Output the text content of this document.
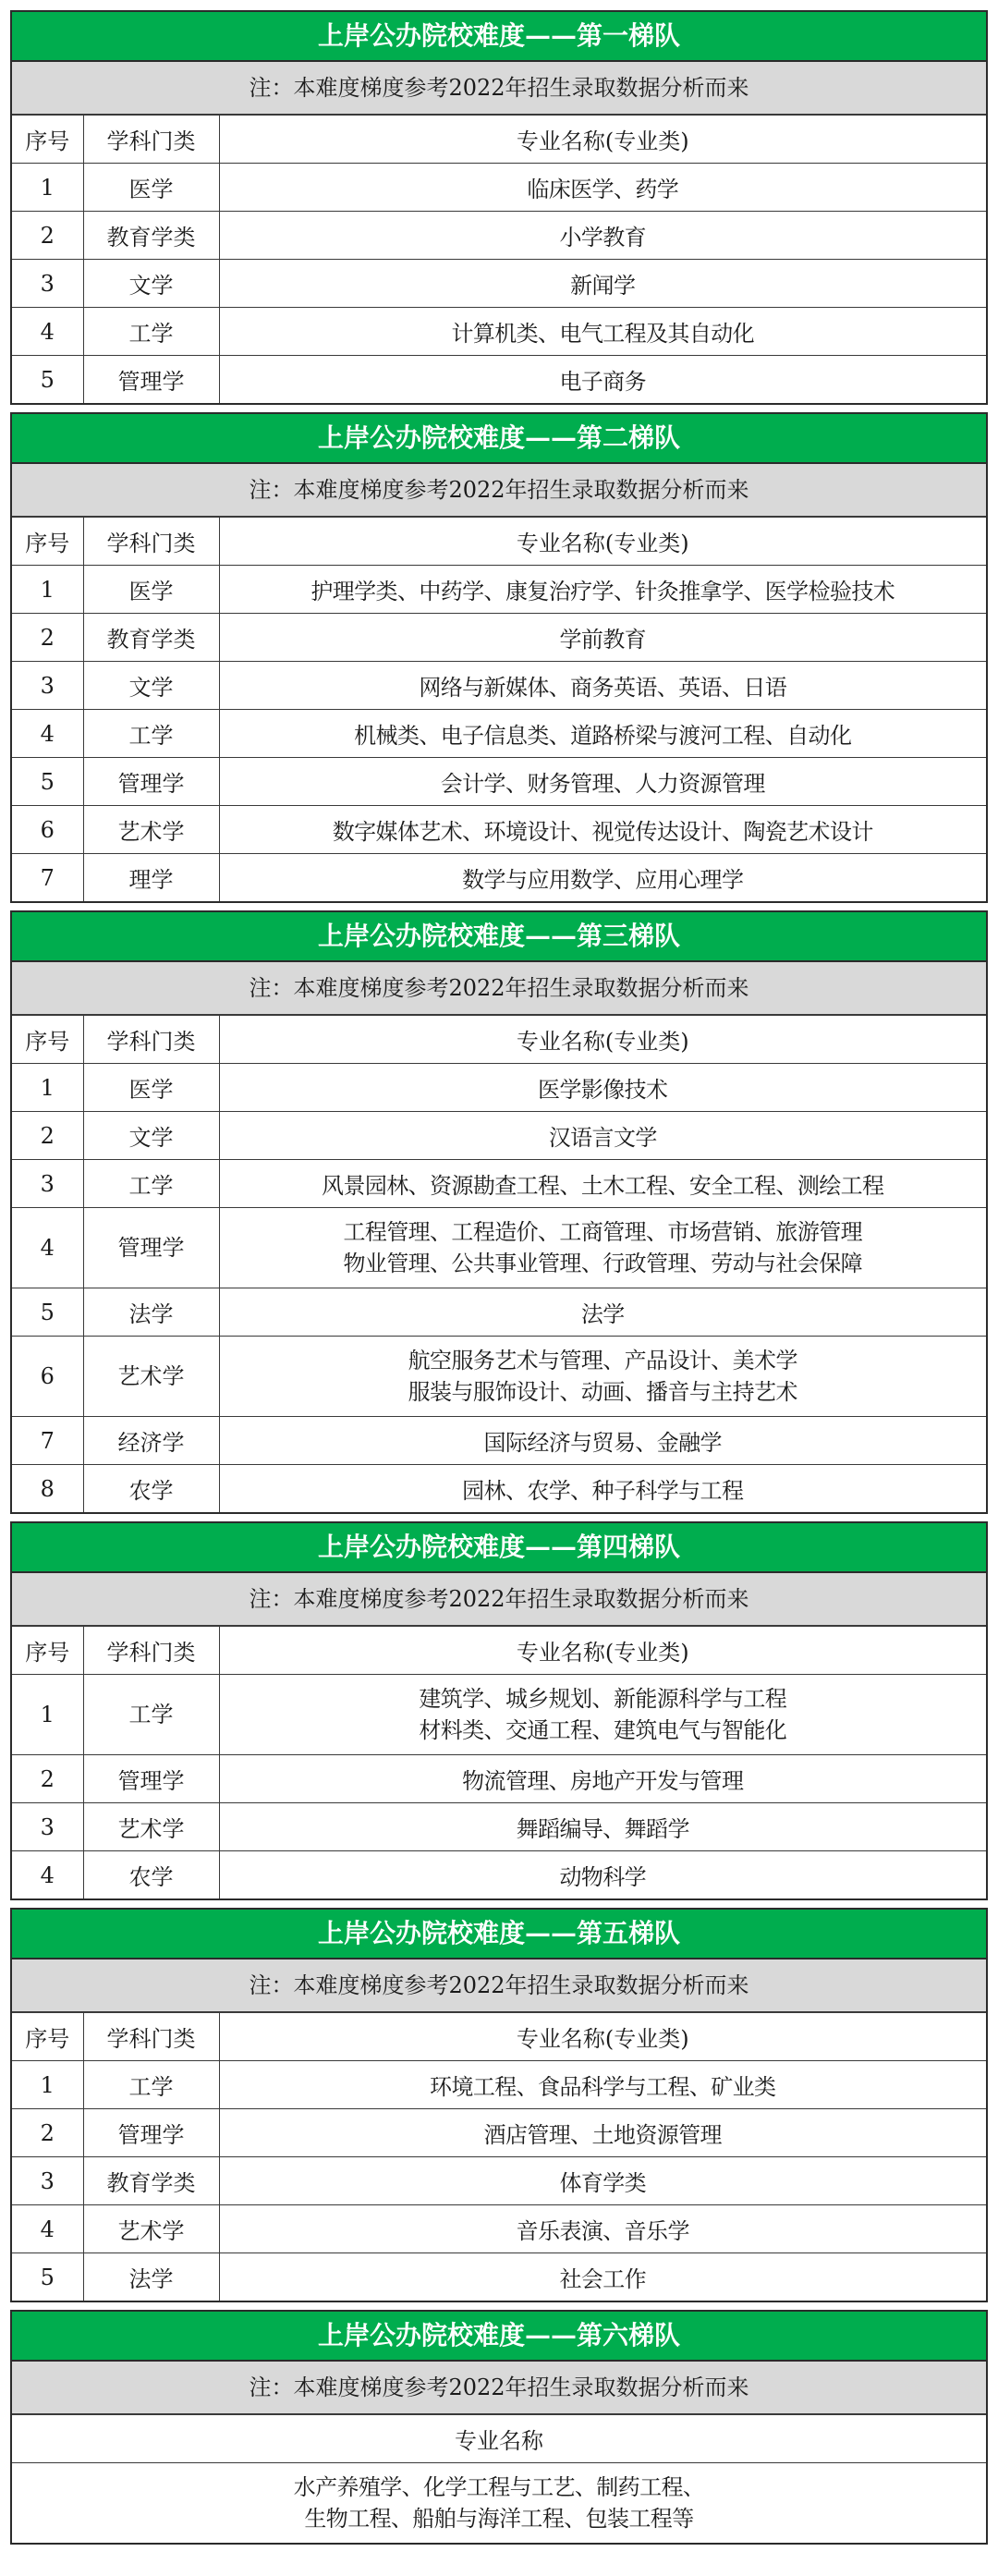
上岸公办院校难度——第一梯队
注：本难度梯度参考2022年招生录取数据分析而来
序号	学科门类	专业名称(专业类)
1	医学	临床医学、药学

2	教育学类	小学教育

3	文学	新闻学

4	工学	计算机类、电气工程及其自动化

5	管理学	电子商务
上岸公办院校难度——第二梯队
注：本难度梯度参考2022年招生录取数据分析而来
序号	学科门类	专业名称(专业类)
1	医学	护理学类、中药学、康复治疗学、针灸推拿学、医学检验技术

2	教育学类	学前教育

3	文学	网络与新媒体、商务英语、英语、日语

4	工学	机械类、电子信息类、道路桥梁与渡河工程、自动化

5	管理学	会计学、财务管理、人力资源管理

6	艺术学	数字媒体艺术、环境设计、视觉传达设计、陶瓷艺术设计

7	理学	数学与应用数学、应用心理学
上岸公办院校难度——第三梯队
注：本难度梯度参考2022年招生录取数据分析而来
序号	学科门类	专业名称(专业类)
1	医学	医学影像技术

2	文学	汉语言文学

3	工学	风景园林、资源勘查工程、土木工程、安全工程、测绘工程

4	管理学	工程管理、工程造价、工商管理、市场营销、旅游管理
物业管理、公共事业管理、行政管理、劳动与社会保障

5	法学	法学

6	艺术学	航空服务艺术与管理、产品设计、美术学
服装与服饰设计、动画、播音与主持艺术

7	经济学	国际经济与贸易、金融学

8	农学	园林、农学、种子科学与工程
上岸公办院校难度——第四梯队
注：本难度梯度参考2022年招生录取数据分析而来
序号	学科门类	专业名称(专业类)
1	工学	建筑学、城乡规划、新能源科学与工程
材料类、交通工程、建筑电气与智能化

2	管理学	物流管理、房地产开发与管理

3	艺术学	舞蹈编导、舞蹈学

4	农学	动物科学
上岸公办院校难度——第五梯队
注：本难度梯度参考2022年招生录取数据分析而来
序号	学科门类	专业名称(专业类)
1	工学	环境工程、食品科学与工程、矿业类

2	管理学	酒店管理、土地资源管理

3	教育学类	体育学类

4	艺术学	音乐表演、音乐学

5	法学	社会工作
上岸公办院校难度——第六梯队
注：本难度梯度参考2022年招生录取数据分析而来
专业名称

水产养殖学、化学工程与工艺、制药工程、
生物工程、船舶与海洋工程、包装工程等
